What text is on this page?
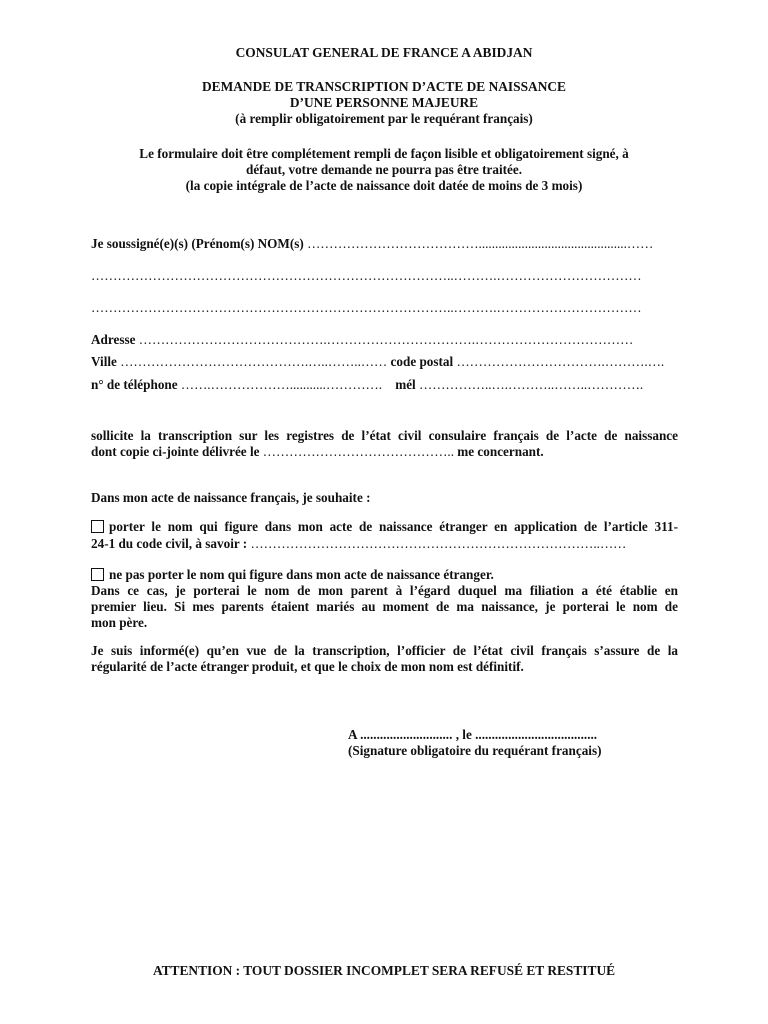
CONSULAT GENERAL DE FRANCE A ABIDJAN
DEMANDE DE TRANSCRIPTION D’ACTE DE NAISSANCE
D’UNE PERSONNE MAJEURE
(à remplir obligatoirement par le requérant français)
Le formulaire doit être complétement rempli de façon lisible et obligatoirement signé, à
défaut, votre demande ne pourra pas être traitée.
(la copie intégrale de l’acte de naissance doit datée de moins de 3 mois)
Je soussigné(e)(s) (Prénom(s) NOM(s) ………………………………….............................................……
………………………………………………………………………..……….……………………………
………………………………………………………………………..……….……………………………
Adresse …………………………………….…………………………….………………………………
Ville …………………………………….…..……..…… code postal …………………………….……….….
n° de téléphone …….………………...........…………. mél ……………..….………..……..………….
sollicite la transcription sur les registres de l’état civil consulaire français de l’acte de naissance
dont copie ci-jointe délivrée le …………………………………….. me concernant.
Dans mon acte de naissance français, je souhaite :
porter le nom qui figure dans mon acte de naissance étranger en application de l’article 311-
24-1 du code civil, à savoir : ……………………………………………………………………..……
ne pas porter le nom qui figure dans mon acte de naissance étranger.
Dans ce cas, je porterai le nom de mon parent à l’égard duquel ma filiation a été établie en
premier lieu. Si mes parents étaient mariés au moment de ma naissance, je porterai le nom de
mon père.
Je suis informé(e) qu’en vue de la transcription, l’officier de l’état civil français s’assure de la
régularité de l’acte étranger produit, et que le choix de mon nom est définitif.
A ............................ , le .....................................
(Signature obligatoire du requérant français)
ATTENTION : TOUT DOSSIER INCOMPLET SERA REFUSÉ ET RESTITUÉ
